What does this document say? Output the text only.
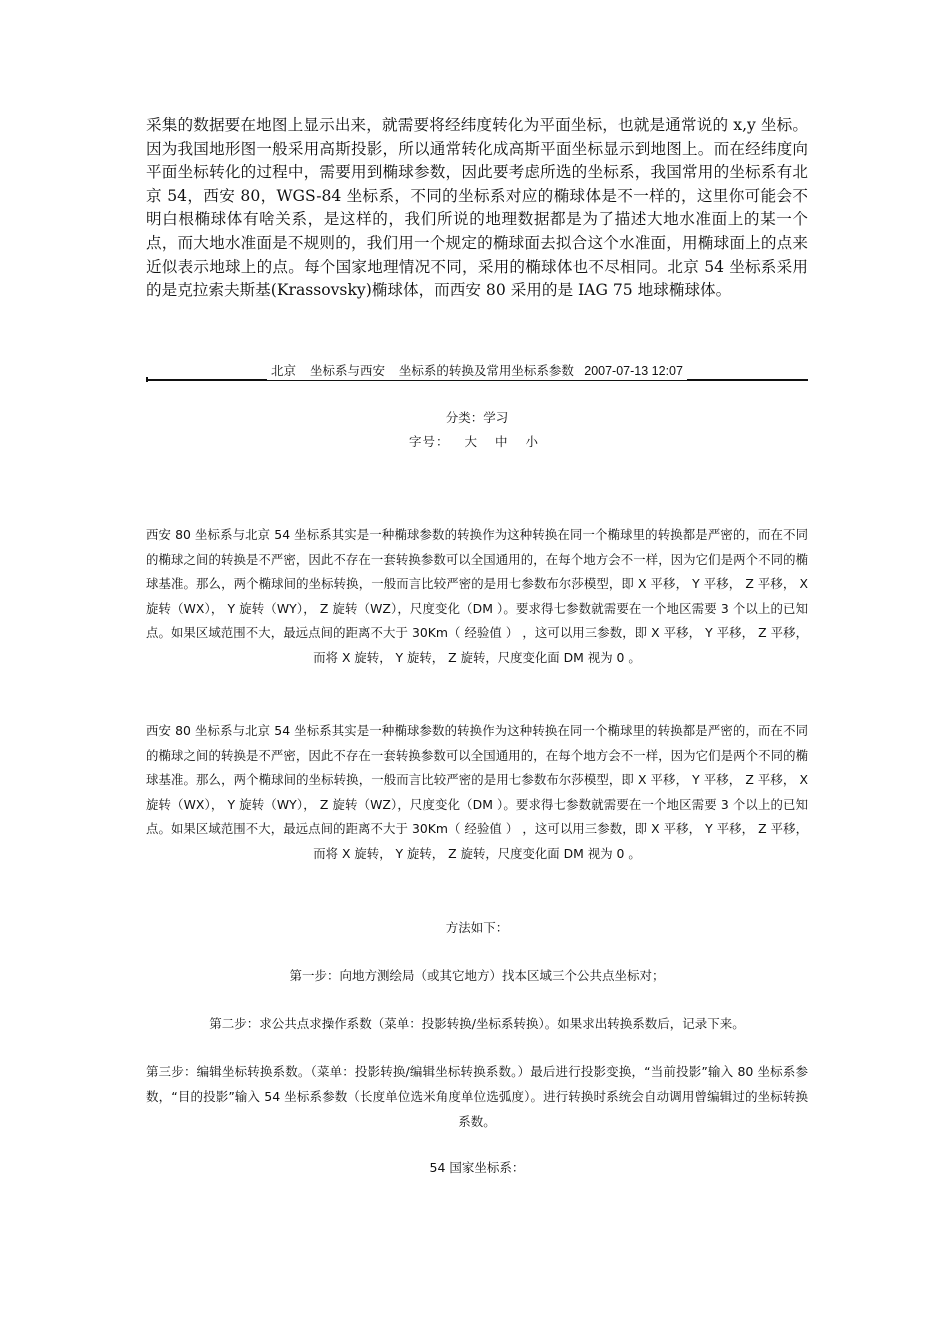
采集的数据要在地图上显示出来，就需要将经纬度转化为平面坐标，也就是通常说的 x,y 坐标。因为我国地形图一般采用高斯投影，所以通常转化成高斯平面坐标显示到地图上。而在经纬度向平面坐标转化的过程中，需要用到椭球参数，因此要考虑所选的坐标系，我国常用的坐标系有北京 54，西安 80，WGS-84 坐标系，不同的坐标系对应的椭球体是不一样的，这里你可能会不明白根椭球体有啥关系，是这样的，我们所说的地理数据都是为了描述大地水准面上的某一个点，而大地水准面是不规则的，我们用一个规定的椭球面去拟合这个水准面，用椭球面上的点来近似表示地球上的点。每个国家地理情况不同，采用的椭球体也不尽相同。北京 54 坐标系采用的是克拉索夫斯基(Krassovsky)椭球体，而西安 80 采用的是 IAG 75 地球椭球体。

北京    坐标系与西安    坐标系的转换及常用坐标系参数   2007-07-13 12:07
分类：学习
字号： 大 中 小

西安 80 坐标系与北京 54 坐标系其实是一种椭球参数的转换作为这种转换在同一个椭球里的转换都是严密的，而在不同的椭球之间的转换是不严密，因此不存在一套转换参数可以全国通用的，在每个地方会不一样，因为它们是两个不同的椭球基准。那么，两个椭球间的坐标转换，一般而言比较严密的是用七参数布尔莎模型，即 X 平移， Y 平移， Z 平移， X 旋转（WX）， Y 旋转（WY）， Z 旋转（WZ），尺度变化（DM ）。要求得七参数就需要在一个地区需要 3 个以上的已知点。如果区域范围不大，最远点间的距离不大于 30Km（ 经验值 ） ，这可以用三参数，即 X 平移， Y 平移， Z 平移，而将 X 旋转， Y 旋转， Z 旋转，尺度变化面 DM 视为 0 。

西安 80 坐标系与北京 54 坐标系其实是一种椭球参数的转换作为这种转换在同一个椭球里的转换都是严密的，而在不同的椭球之间的转换是不严密，因此不存在一套转换参数可以全国通用的，在每个地方会不一样，因为它们是两个不同的椭球基准。那么，两个椭球间的坐标转换，一般而言比较严密的是用七参数布尔莎模型，即 X 平移， Y 平移， Z 平移， X 旋转（WX）， Y 旋转（WY）， Z 旋转（WZ），尺度变化（DM ）。要求得七参数就需要在一个地区需要 3 个以上的已知点。如果区域范围不大，最远点间的距离不大于 30Km（ 经验值 ） ，这可以用三参数，即 X 平移， Y 平移， Z 平移，而将 X 旋转， Y 旋转， Z 旋转，尺度变化面 DM 视为 0 。

方法如下：
第一步：向地方测绘局（或其它地方）找本区域三个公共点坐标对；
第二步：求公共点求操作系数（菜单：投影转换/坐标系转换）。如果求出转换系数后，记录下来。

第三步：编辑坐标转换系数。（菜单：投影转换/编辑坐标转换系数。）最后进行投影变换，“当前投影”输入 80 坐标系参数，“目的投影”输入 54 坐标系参数（长度单位选米角度单位选弧度）。进行转换时系统会自动调用曾编辑过的坐标转换系数。

54 国家坐标系：
